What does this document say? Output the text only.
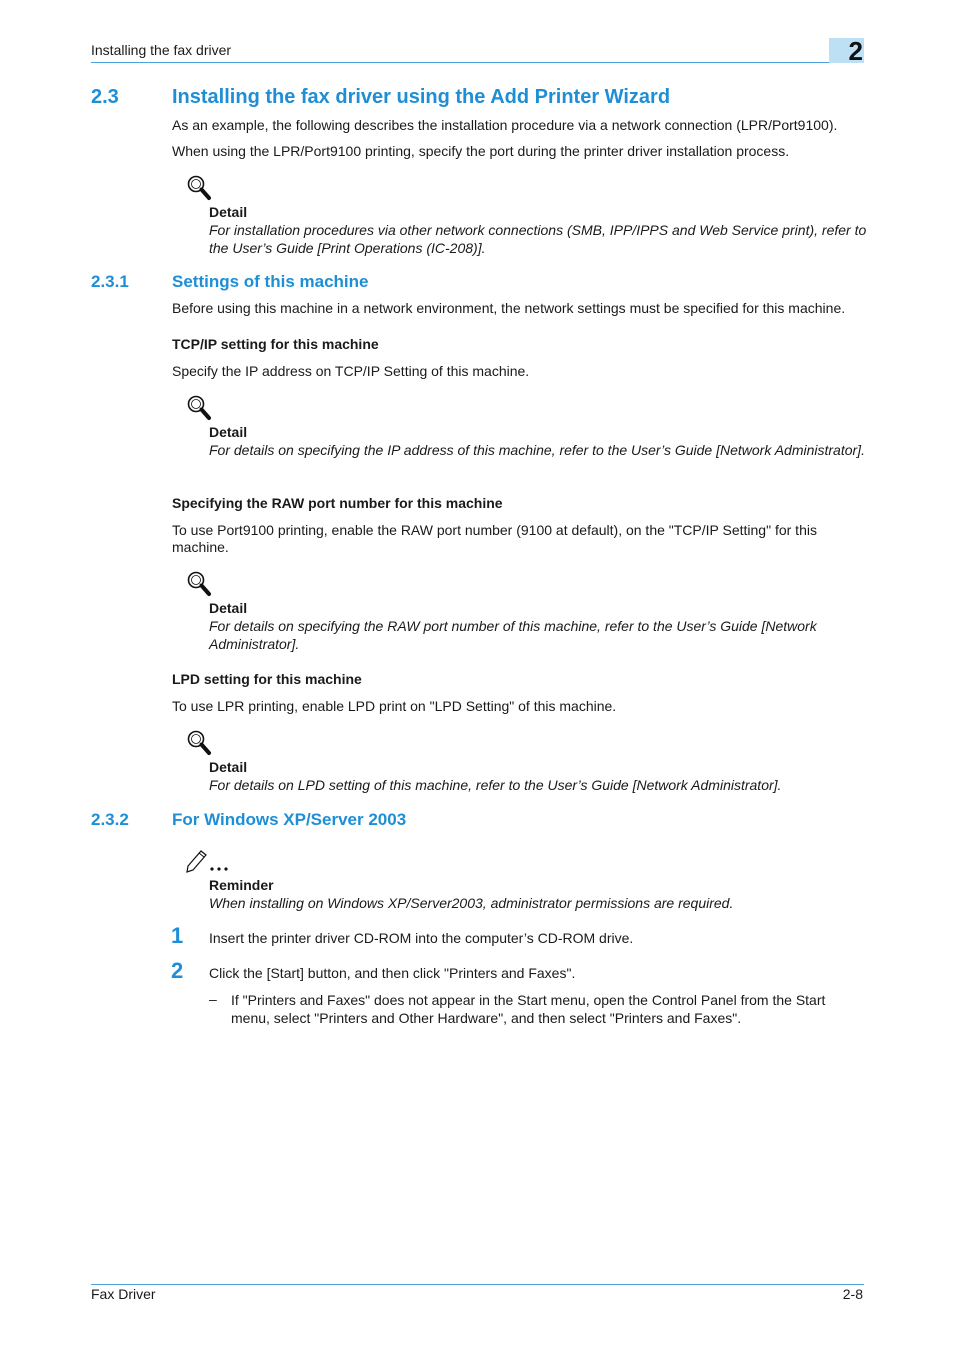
Installing the fax driver	2
2.3	Installing the fax driver using the Add Printer Wizard
As an example, the following describes the installation procedure via a network connection (LPR/Port9100).
When using the LPR/Port9100 printing, specify the port during the printer driver installation process.
Detail
For installation procedures via other network connections (SMB, IPP/IPPS and Web Service print), refer to the User’s Guide [Print Operations (IC-208)].
2.3.1	Settings of this machine
Before using this machine in a network environment, the network settings must be specified for this machine.
TCP/IP setting for this machine
Specify the IP address on TCP/IP Setting of this machine.
Detail
For details on specifying the IP address of this machine, refer to the User’s Guide [Network Administrator].
Specifying the RAW port number for this machine
To use Port9100 printing, enable the RAW port number (9100 at default), on the "TCP/IP Setting" for this machine.
Detail
For details on specifying the RAW port number of this machine, refer to the User’s Guide [Network Administrator].
LPD setting for this machine
To use LPR printing, enable LPD print on "LPD Setting" of this machine.
Detail
For details on LPD setting of this machine, refer to the User’s Guide [Network Administrator].
2.3.2	For Windows XP/Server 2003
Reminder
When installing on Windows XP/Server2003, administrator permissions are required.
1 Insert the printer driver CD-ROM into the computer’s CD-ROM drive.
2 Click the [Start] button, and then click "Printers and Faxes".
– If "Printers and Faxes" does not appear in the Start menu, open the Control Panel from the Start menu, select "Printers and Other Hardware", and then select "Printers and Faxes".
Fax Driver	2-8
